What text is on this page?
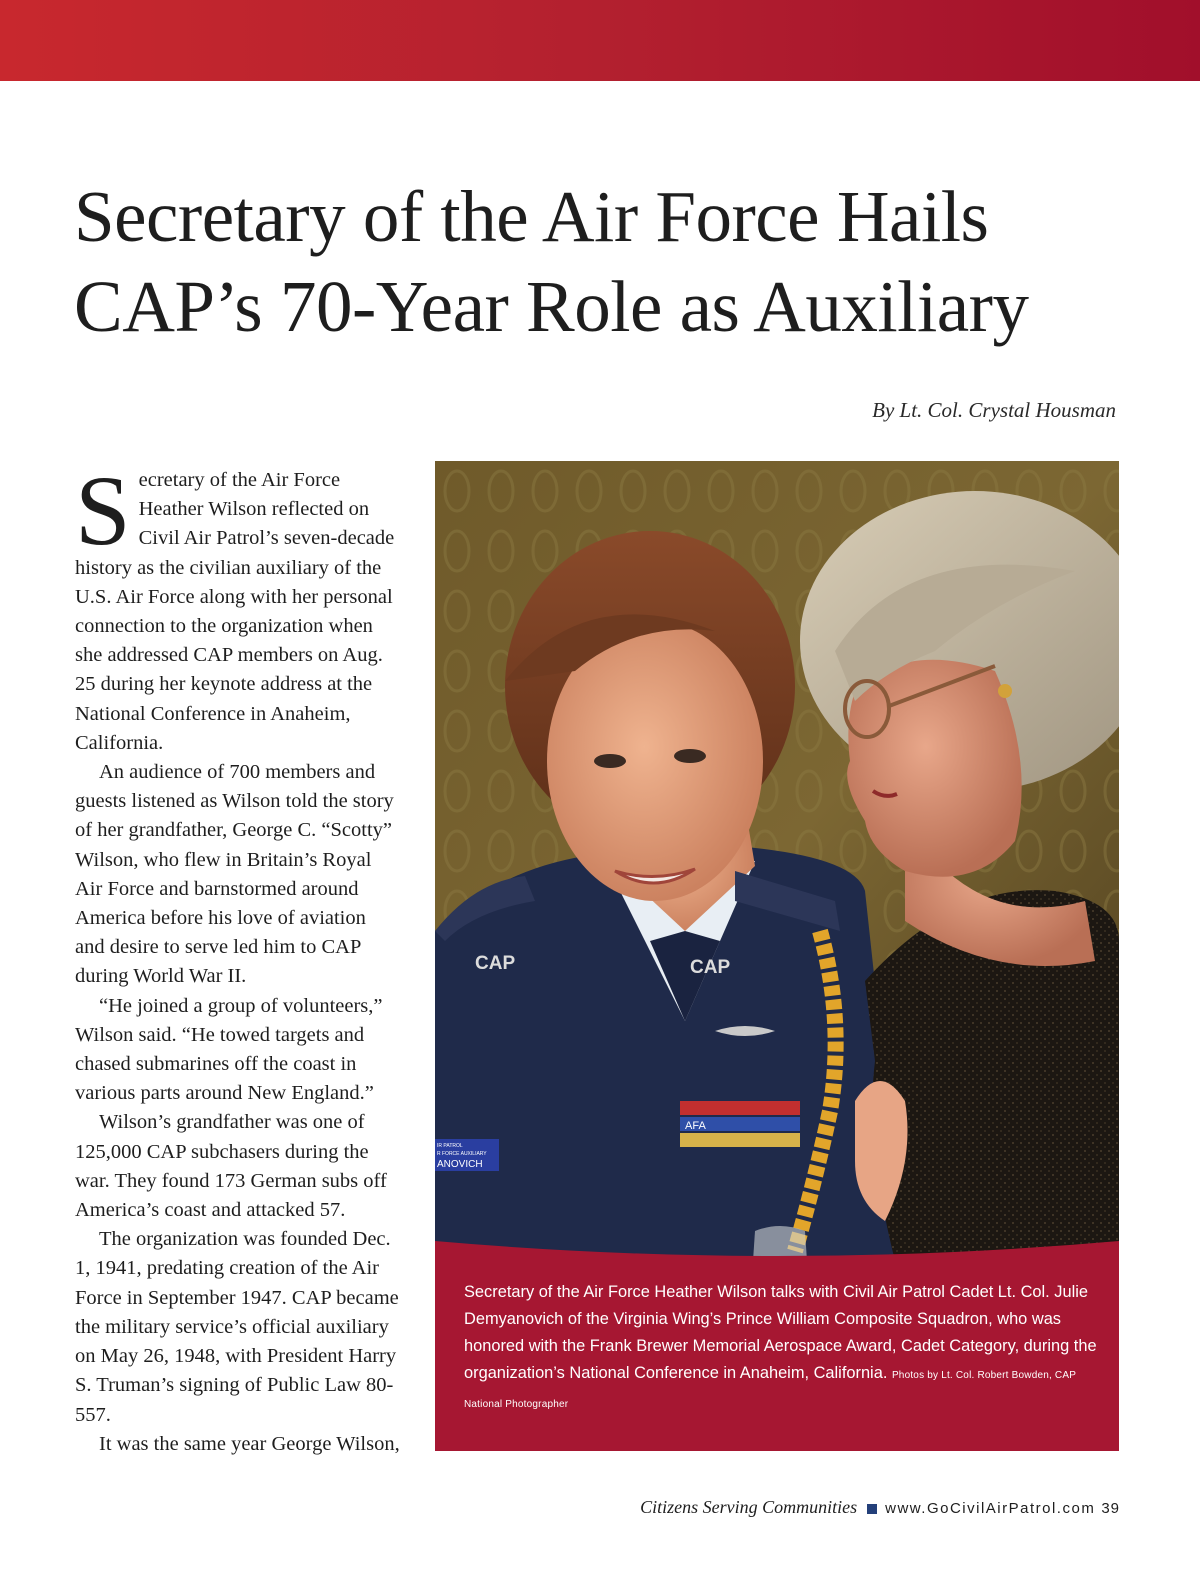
Secretary of the Air Force Hails CAP’s 70-Year Role as Auxiliary
By Lt. Col. Crystal Housman

Secretary of the Air Force Heather Wilson reflected on Civil Air Patrol’s seven-decade history as the civilian auxiliary of the U.S. Air Force along with her personal connection to the organization when she addressed CAP members on Aug. 25 during her keynote address at the National Conference in Anaheim, California.

An audience of 700 members and guests listened as Wilson told the story of her grandfather, George C. “Scotty” Wilson, who flew in Britain’s Royal Air Force and barnstormed around America before his love of aviation and desire to serve led him to CAP during World War II.

“He joined a group of volunteers,” Wilson said. “He towed targets and chased submarines off the coast in various parts around New England.”

Wilson’s grandfather was one of 125,000 CAP subchasers during the war. They found 173 German subs off America’s coast and attacked 57.

The organization was founded Dec. 1, 1941, predating creation of the Air Force in September 1947. CAP became the military service’s official auxiliary on May 26, 1948, with President Harry S. Truman’s signing of Public Law 80-557.

It was the same year George Wilson,

CAP	CAP
AFA
IR PATROL
R FORCE AUXILIARY
ANOVICH
Secretary of the Air Force Heather Wilson talks with Civil Air Patrol Cadet Lt. Col. Julie Demyanovich of the Virginia Wing’s Prince William Composite Squadron, who was honored with the Frank Brewer Memorial Aerospace Award, Cadet Category, during the organization’s National Conference in Anaheim, California. Photos by Lt. Col. Robert Bowden, CAP National Photographer
Citizens Serving Communities www.GoCivilAirPatrol.com 39
